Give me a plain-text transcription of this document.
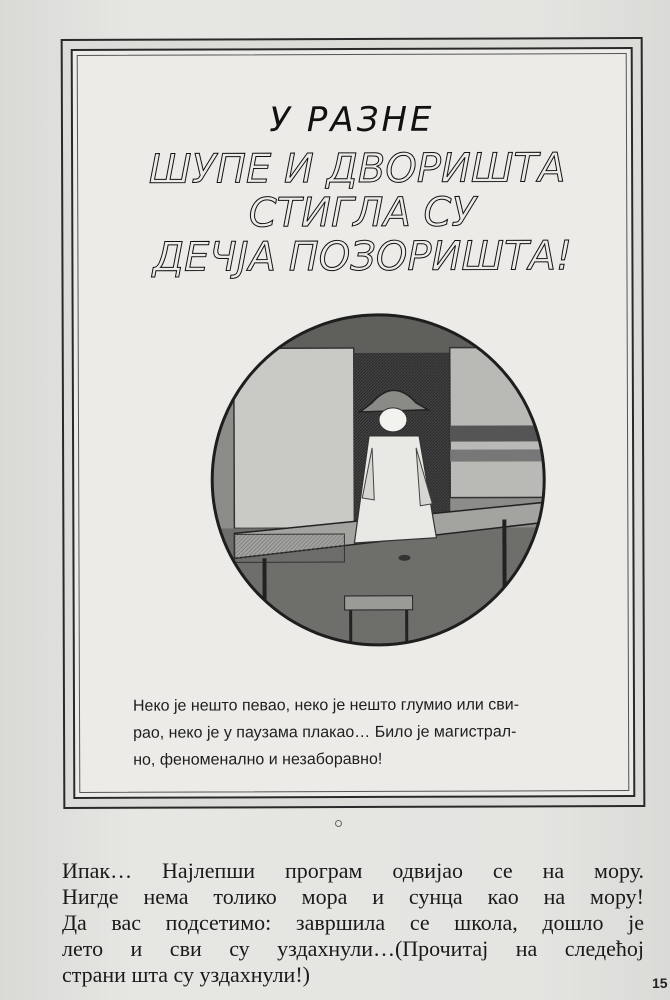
У РАЗНЕ
ШУПЕ И ДВОРИШТА
СТИГЛА СУ
ДЕЧЈА ПОЗОРИШТА!
Неко је нешто певао, неко је нешто глумио или сви-
рао, неко је у паузама плакао… Било је магистрал-
но, феноменално и незаборавно!
Ипак… Најлепши програм одвијао се на мору.
Нигде нема толико мора и сунца као на мору!
Да вас подсетимо: завршила се школа, дошло је
лето и сви су уздахнули…(Прочитај на следећој
страни шта су уздахнули!)	15
